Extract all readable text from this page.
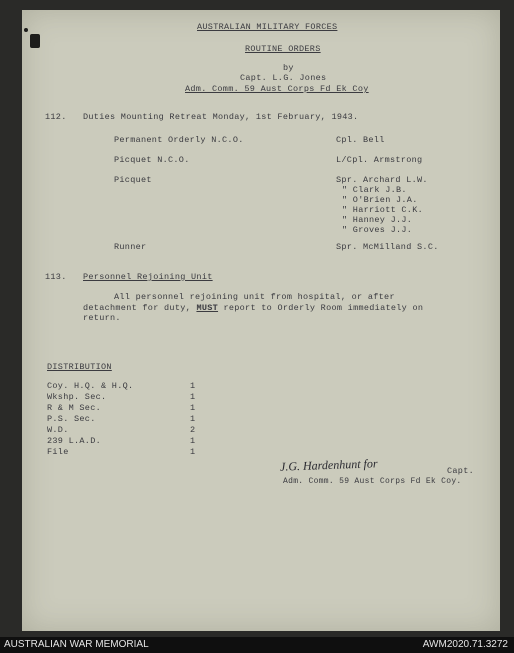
AUSTRALIAN MILITARY FORCES
ROUTINE ORDERS
by
Capt. L.G. Jones
Adm. Comm. 59 Aust Corps Fd Ek Coy
112. Duties Mounting Retreat Monday, 1st February, 1943.
Permanent Orderly N.C.O.	Cpl. Bell
Picquet N.C.O.	L/Cpl. Armstrong
Picquet	Spr. Archard L.W.
" Clark J.B.
" O'Brien J.A.
" Harriott C.K.
" Hanney J.J.
" Groves J.J.
Runner	Spr. McMilland S.C.
113. Personnel Rejoining Unit
All personnel rejoining unit from hospital, or after
detachment for duty, MUST report to Orderly Room immediately on
return.
DISTRIBUTION
Coy. H.Q. & H.Q.	1
Wkshp. Sec.	1
R & M Sec.	1
P.S. Sec.	1
W.D.	2
239 L.A.D.	1
File	1
J.G. Hardenhunt for	Capt.
Adm. Comm. 59 Aust Corps Fd Ek Coy.
AUSTRALIAN WAR MEMORIAL	AWM2020.71.3272
